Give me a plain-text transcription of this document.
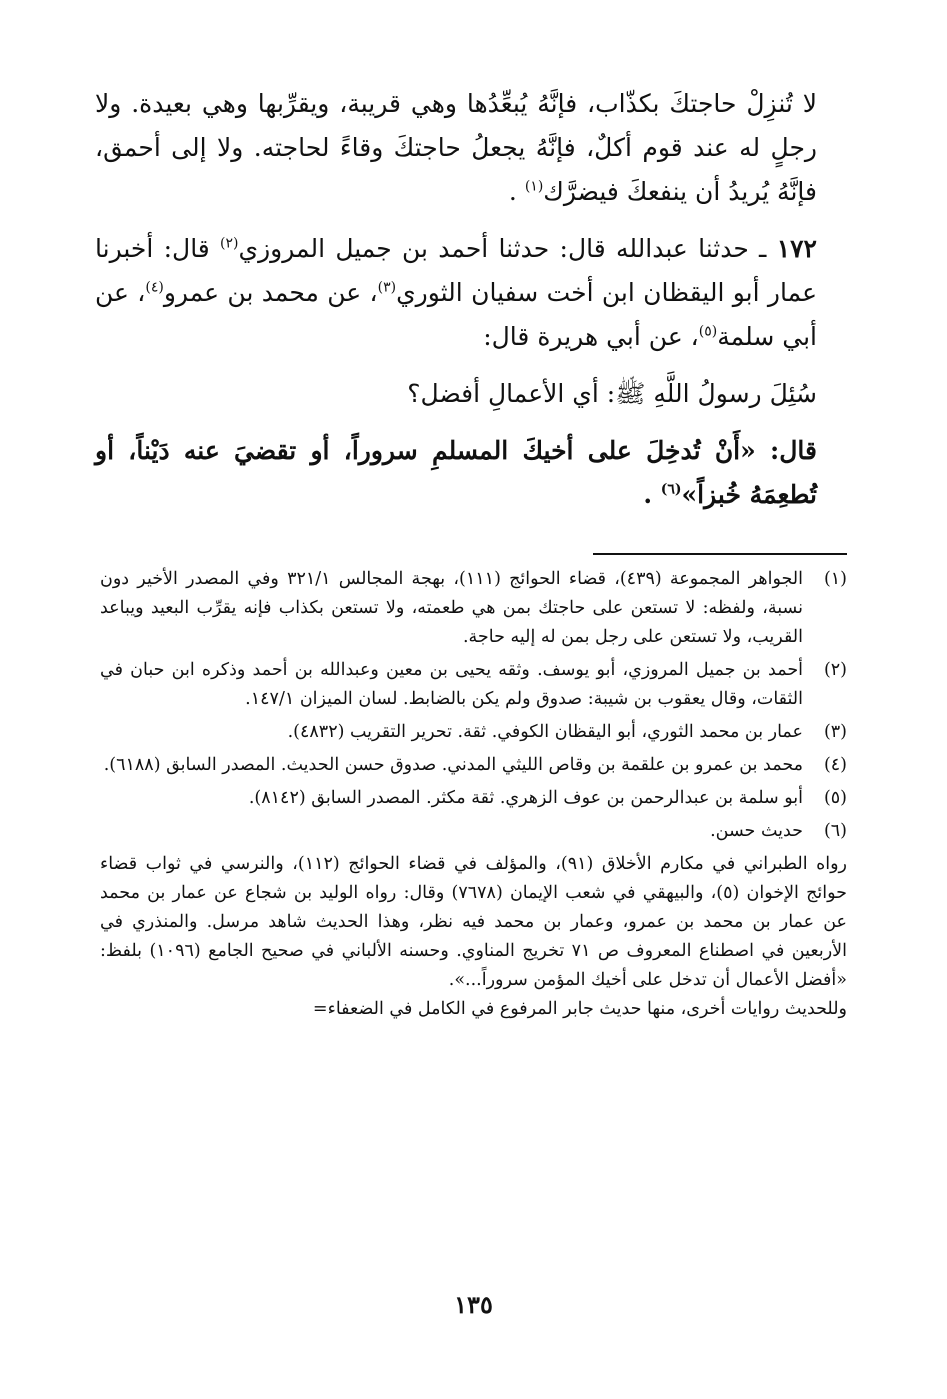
لا تُنزِلْ حاجتكَ بكذّاب، فإنَّهُ يُبعِّدُها وهي قريبة، ويقرِّبها وهي بعيدة. ولا رجلٍ له عند قوم أكلٌ، فإنَّهُ يجعلُ حاجتكَ وقاءً لحاجته. ولا إلى أحمق، فإنَّهُ يُريدُ أن ينفعكَ فيضرَّك$^{(١)}$ .

١٧٢ ـ حدثنا عبدالله قال: حدثنا أحمد بن جميل المروزي$^{(٢)}$ قال: أخبرنا عمار أبو اليقظان ابن أخت سفيان الثوري$^{(٣)}$، عن محمد بن عمرو$^{(٤)}$، عن أبي سلمة$^{(٥)}$، عن أبي هريرة قال:

سُئِلَ رسولُ اللَّهِ ﷺ: أي الأعمالِ أفضل؟

قال: «أَنْ تُدخِلَ على أخيكَ المسلمِ سروراً، أو تقضيَ عنه دَيْناً، أو تُطعِمَهُ خُبزاً»$^{(٦)}$ .

(١)
الجواهر المجموعة (٤٣٩)، قضاء الحوائج (١١١)، بهجة المجالس ٣٢١/١ وفي المصدر الأخير دون نسبة، ولفظه: لا تستعن على حاجتك بمن هي طعمته، ولا تستعن بكذاب فإنه يقرِّب البعيد ويباعد القريب، ولا تستعن على رجل بمن له إليه حاجة.
(٢)
أحمد بن جميل المروزي، أبو يوسف. وثقه يحيى بن معين وعبدالله بن أحمد وذكره ابن حبان في الثقات، وقال يعقوب بن شيبة: صدوق ولم يكن بالضابط. لسان الميزان ١٤٧/١.
(٣)
عمار بن محمد الثوري، أبو اليقظان الكوفي. ثقة. تحرير التقريب (٤٨٣٢).
(٤)
محمد بن عمرو بن علقمة بن وقاص الليثي المدني. صدوق حسن الحديث. المصدر السابق (٦١٨٨).
(٥)
أبو سلمة بن عبدالرحمن بن عوف الزهري. ثقة مكثر. المصدر السابق (٨١٤٢).
(٦)
حديث حسن.
رواه الطبراني في مكارم الأخلاق (٩١)، والمؤلف في قضاء الحوائج (١١٢)، والنرسي في ثواب قضاء حوائج الإخوان (٥)، والبيهقي في شعب الإيمان (٧٦٧٨) وقال: رواه الوليد بن شجاع عن عمار بن محمد عن عمار بن محمد بن عمرو، وعمار بن محمد فيه نظر، وهذا الحديث شاهد مرسل. والمنذري في الأربعين في اصطناع المعروف ص ٧١ تخريج المناوي. وحسنه الألباني في صحيح الجامع (١٠٩٦) بلفظ: «أفضل الأعمال أن تدخل على أخيك المؤمن سروراً...».
وللحديث روايات أخرى، منها حديث جابر المرفوع في الكامل في الضعفاء=
١٣٥
